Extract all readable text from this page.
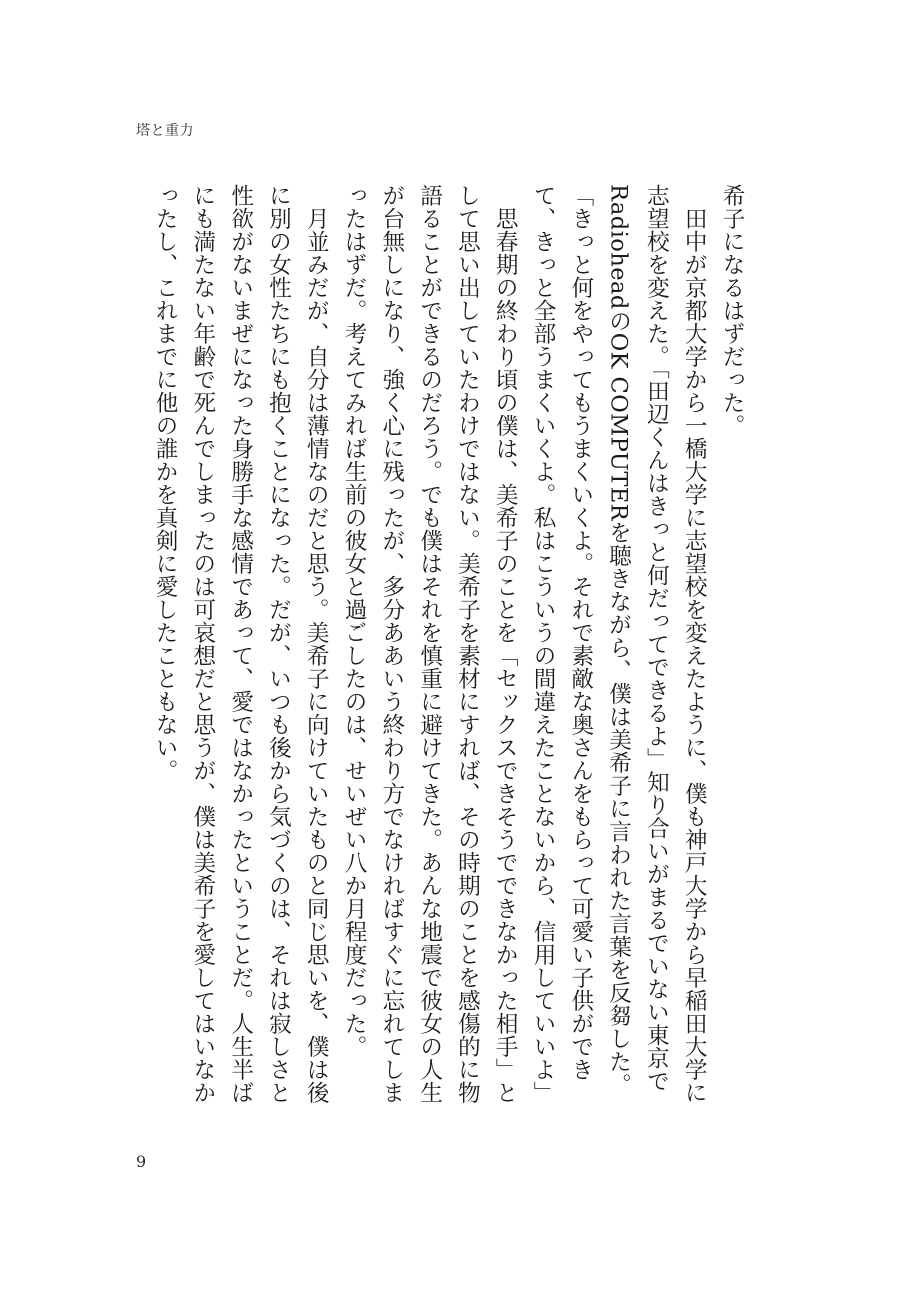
塔と重力

希子になるはずだった。

田中が京都大学から一橋大学に志望校を変えたように、僕も神戸大学から早稲田大学に志望校を変えた。「田辺くんはきっと何だってできるよ」知り合いがまるでいない東京でRadioheadのOK COMPUTERを聴きながら、僕は美希子に言われた言葉を反芻した。「きっと何をやってもうまくいくよ。それで素敵な奥さんをもらって可愛い子供ができて、きっと全部うまくいくよ。私はこういうの間違えたことないから、信用していいよ」

思春期の終わり頃の僕は、美希子のことを「セックスできそうでできなかった相手」として思い出していたわけではない。美希子を素材にすれば、その時期のことを感傷的に物語ることができるのだろう。でも僕はそれを慎重に避けてきた。あんな地震で彼女の人生が台無しになり、強く心に残ったが、多分ああいう終わり方でなければすぐに忘れてしまったはずだ。考えてみれば生前の彼女と過ごしたのは、せいぜい八か月程度だった。

月並みだが、自分は薄情なのだと思う。美希子に向けていたものと同じ思いを、僕は後に別の女性たちにも抱くことになった。だが、いつも後から気づくのは、それは寂しさと性欲がないまぜになった身勝手な感情であって、愛ではなかったということだ。人生半ばにも満たない年齢で死んでしまったのは可哀想だと思うが、僕は美希子を愛してはいなかったし、これまでに他の誰かを真剣に愛したこともない。

9
